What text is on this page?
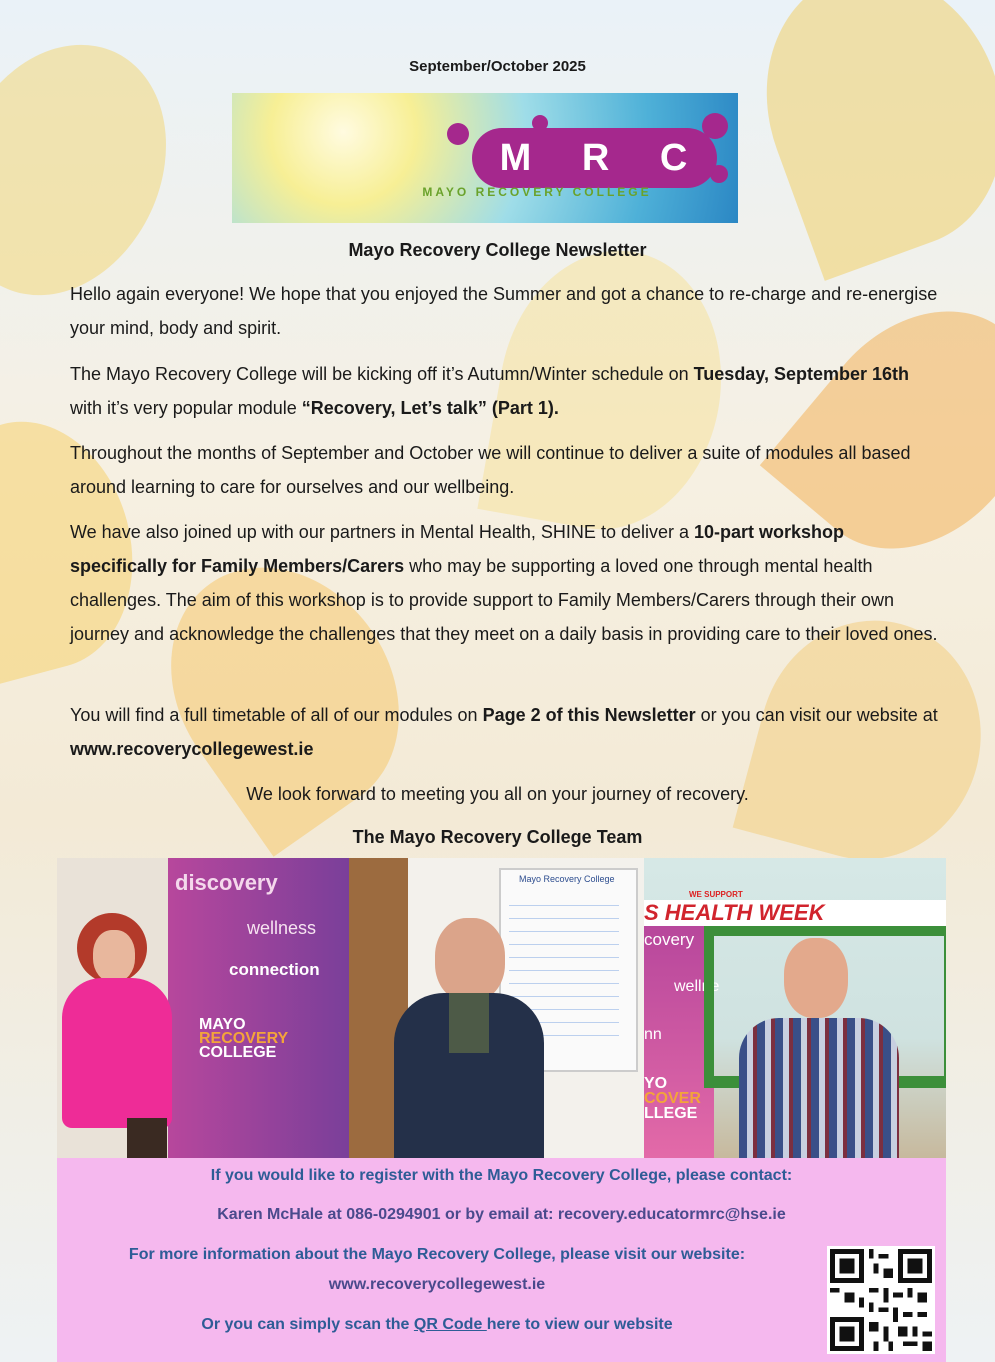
September/October 2025
M R C
MAYO RECOVERY COLLEGE
Mayo Recovery College Newsletter

Hello again everyone! We hope that you enjoyed the Summer and got a chance to re-charge and re-energise your mind, body and spirit.

The Mayo Recovery College will be kicking off it’s Autumn/Winter schedule on Tuesday, September 16th with it’s very popular module “Recovery, Let’s talk” (Part 1).

Throughout the months of September and October we will continue to deliver a suite of modules all based around learning to care for ourselves and our wellbeing.

We have also joined up with our partners in Mental Health, SHINE to deliver a 10-part workshop specifically for Family Members/Carers who may be supporting a loved one through mental health challenges. The aim of this workshop is to provide support to Family Members/Carers through their own journey and acknowledge the challenges that they meet on a daily basis in providing care to their loved ones.

You will find a full timetable of all of our modules on Page 2 of this Newsletter or you can visit our website at www.recoverycollegewest.ie

We look forward to meeting you all on your journey of recovery.
The Mayo Recovery College Team
discovery
wellness
connection
MAYO
RECOVERY
COLLEGE
Mayo Recovery College
WE SUPPORT
S HEALTH WEEK
covery
wellne
nn
YO
COVER
LLEGE
If you would like to register with the Mayo Recovery College, please contact:
Karen McHale at 086-0294901 or by email at: recovery.educatormrc@hse.ie
For more information about the Mayo Recovery College, please visit our website:
www.recoverycollegewest.ie
Or you can simply scan the QR Code here to view our website
